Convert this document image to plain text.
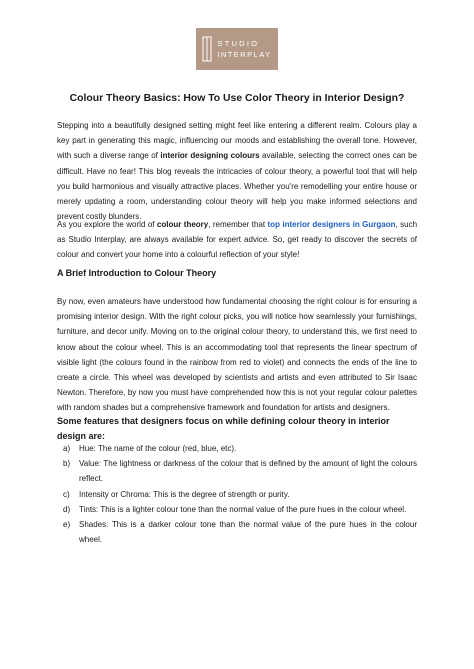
STUDIO
INTERPLAY
Colour Theory Basics: How To Use Color Theory in Interior Design?

Stepping into a beautifully designed setting might feel like entering a different realm. Colours play a key part in generating this magic, influencing our moods and establishing the overall tone. However, with such a diverse range of interior designing colours available, selecting the correct ones can be difficult. Have no fear! This blog reveals the intricacies of colour theory, a powerful tool that will help you build harmonious and visually attractive places. Whether you're remodelling your entire house or merely updating a room, understanding colour theory will help you make informed selections and prevent costly blunders.

As you explore the world of colour theory, remember that top interior designers in Gurgaon, such as Studio Interplay, are always available for expert advice. So, get ready to discover the secrets of colour and convert your home into a colourful reflection of your style!

A Brief Introduction to Colour Theory

By now, even amateurs have understood how fundamental choosing the right colour is for ensuring a promising interior design. With the right colour picks, you will notice how seamlessly your furnishings, furniture, and decor unify. Moving on to the original colour theory, to understand this, we first need to know about the colour wheel. This is an accommodating tool that represents the linear spectrum of visible light (the colours found in the rainbow from red to violet) and connects the ends of the line to create a circle. This wheel was developed by scientists and artists and even attributed to Sir Isaac Newton. Therefore, by now you must have comprehended how this is not your regular colour palettes with random shades but a comprehensive framework and foundation for artists and designers.

Some features that designers focus on while defining colour theory in interior design are:
a) Hue: The name of the colour (red, blue, etc).
b) Value: The lightness or darkness of the colour that is defined by the amount of light the colours reflect.
c) Intensity or Chroma: This is the degree of strength or purity.
d) Tints: This is a lighter colour tone than the normal value of the pure hues in the colour wheel.
e) Shades: This is a darker colour tone than the normal value of the pure hues in the colour wheel.
